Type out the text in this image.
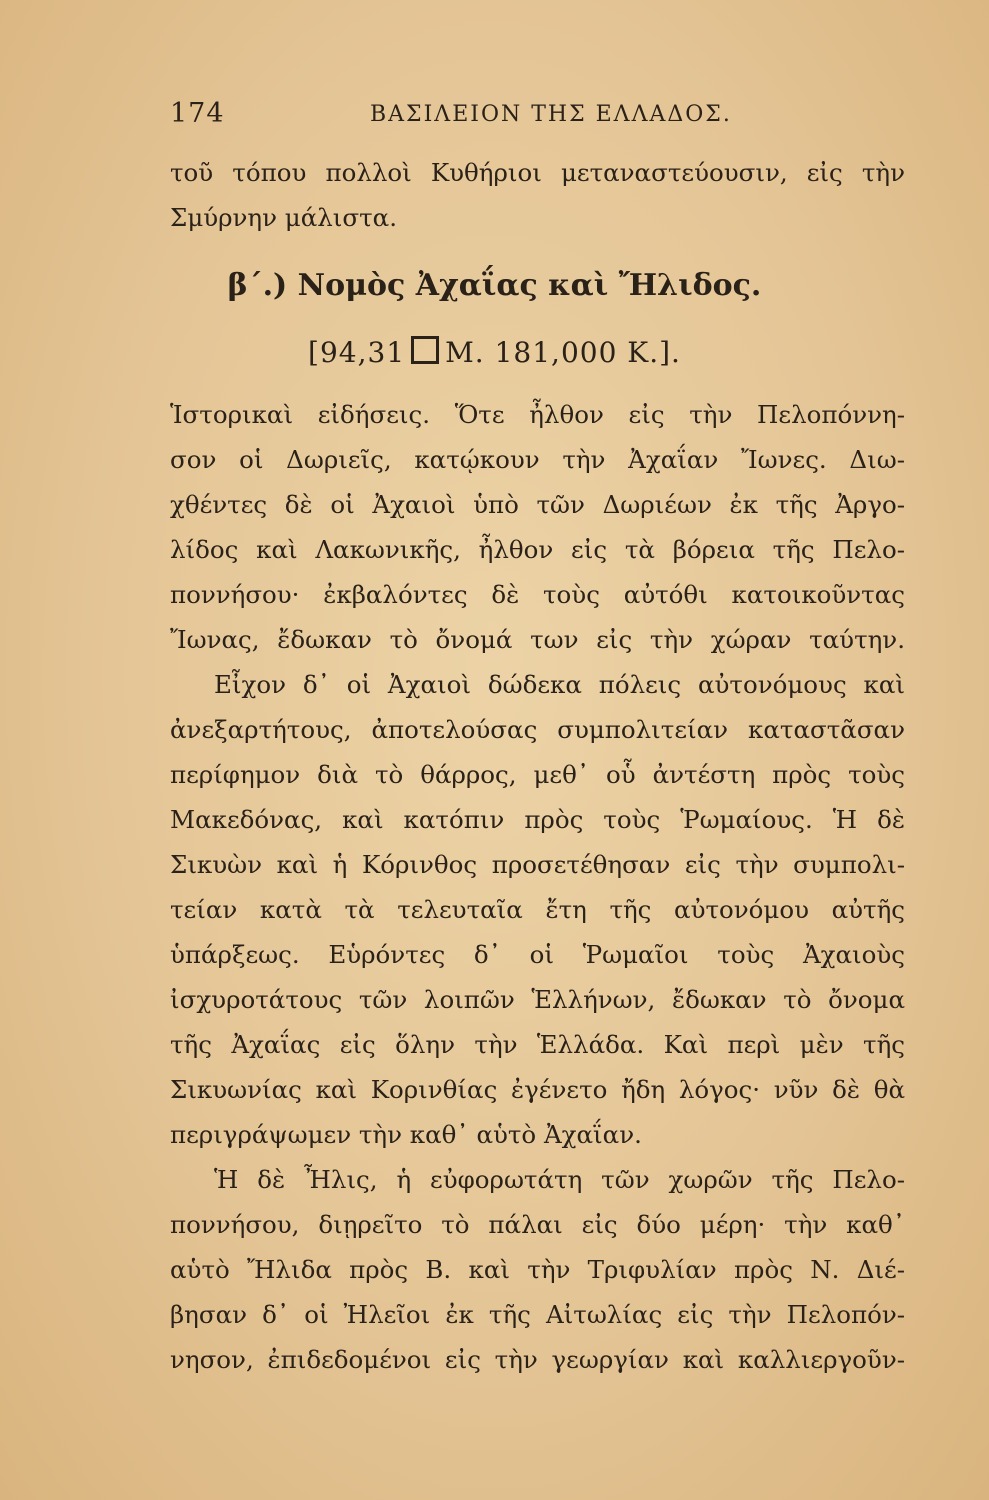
174	ΒΑΣΙΛΕΙΟΝ ΤΗΣ ΕΛΛΑΔΟΣ.
τοῦ τόπου πολλοὶ Κυθήριοι μεταναστεύουσιν, εἰς τὴν
Σμύρνην μάλιστα.
β΄.) Νομὸς Ἀχαΐας καὶ Ἤλιδος.
[94,31 Μ. 181,000 Κ.].
Ἱστορικαὶ εἰδήσεις. Ὅτε ἦλθον εἰς τὴν Πελοπόννη-
σον οἱ Δωριεῖς, κατῴκουν τὴν Ἀχαΐαν Ἴωνες. Διω-
χθέντες δὲ οἱ Ἀχαιοὶ ὑπὸ τῶν Δωριέων ἐκ τῆς Ἀργο-
λίδος καὶ Λακωνικῆς, ἦλθον εἰς τὰ βόρεια τῆς Πελο-
ποννήσου· ἐκβαλόντες δὲ τοὺς αὐτόθι κατοικοῦντας
Ἴωνας, ἔδωκαν τὸ ὄνομά των εἰς τὴν χώραν ταύτην.
Εἶχον δ᾽ οἱ Ἀχαιοὶ δώδεκα πόλεις αὐτονόμους καὶ
ἀνεξαρτήτους, ἀποτελούσας συμπολιτείαν καταστᾶσαν
περίφημον διὰ τὸ θάρρος, μεθ᾽ οὗ ἀντέστη πρὸς τοὺς
Μακεδόνας, καὶ κατόπιν πρὸς τοὺς Ῥωμαίους. Ἡ δὲ
Σικυὼν καὶ ἡ Κόρινθος προσετέθησαν εἰς τὴν συμπολι-
τείαν κατὰ τὰ τελευταῖα ἔτη τῆς αὐτονόμου αὐτῆς
ὑπάρξεως. Εὑρόντες δ᾽ οἱ Ῥωμαῖοι τοὺς Ἀχαιοὺς
ἰσχυροτάτους τῶν λοιπῶν Ἑλλήνων, ἔδωκαν τὸ ὄνομα
τῆς Ἀχαΐας εἰς ὅλην τὴν Ἑλλάδα. Καὶ περὶ μὲν τῆς
Σικυωνίας καὶ Κορινθίας ἐγένετο ἤδη λόγος· νῦν δὲ θὰ
περιγράψωμεν τὴν καθ᾽ αὑτὸ Ἀχαΐαν.
Ἡ δὲ Ἦλις, ἡ εὐφορωτάτη τῶν χωρῶν τῆς Πελο-
ποννήσου, διῃρεῖτο τὸ πάλαι εἰς δύο μέρη· τὴν καθ᾽
αὑτὸ Ἤλιδα πρὸς Β. καὶ τὴν Τριφυλίαν πρὸς Ν. Διέ-
βησαν δ᾽ οἱ Ἠλεῖοι ἐκ τῆς Αἰτωλίας εἰς τὴν Πελοπόν-
νησον, ἐπιδεδομένοι εἰς τὴν γεωργίαν καὶ καλλιεργοῦν-
